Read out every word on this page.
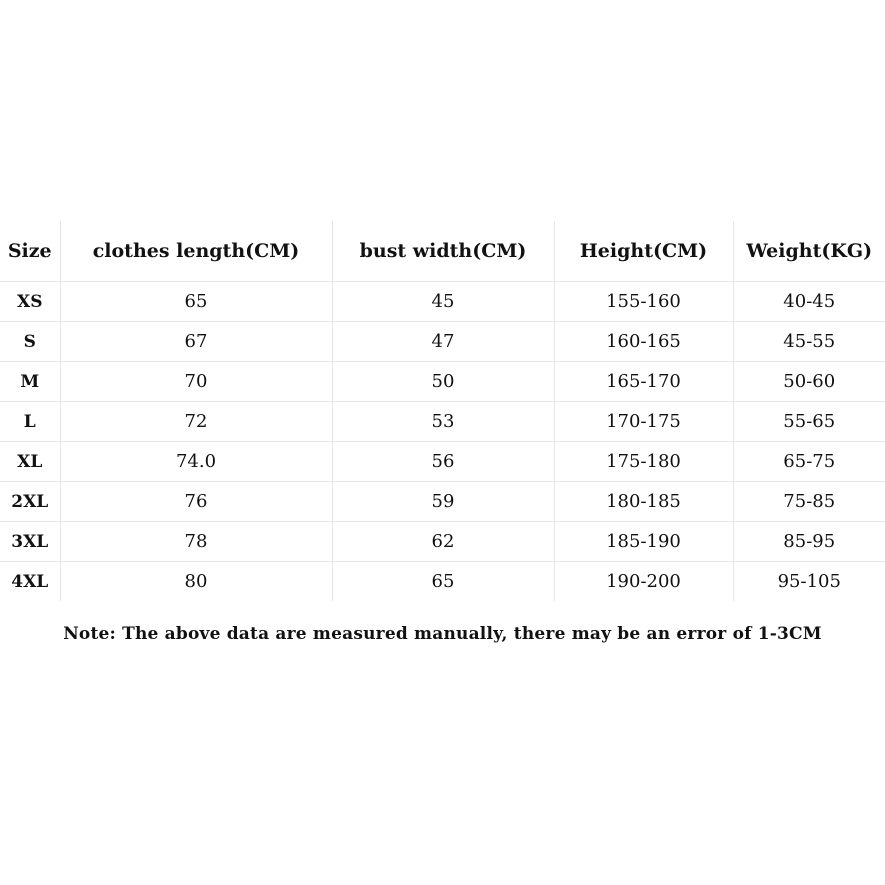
Size	clothes length(CM)	bust width(CM)	Height(CM)	Weight(KG)
XS	65	45	155-160	40-45
S	67	47	160-165	45-55
M	70	50	165-170	50-60
L	72	53	170-175	55-65
XL	74.0	56	175-180	65-75
2XL	76	59	180-185	75-85
3XL	78	62	185-190	85-95
4XL	80	65	190-200	95-105
Note: The above data are measured manually, there may be an error of 1-3CM
